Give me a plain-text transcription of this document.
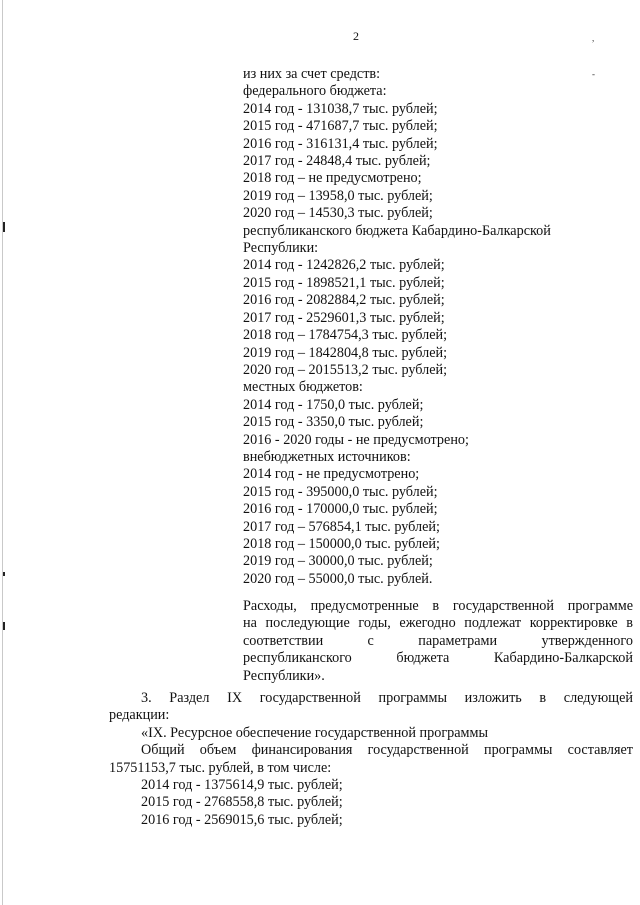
2	,
-
из них за счет средств:
федерального бюджета:
2014 год - 131038,7 тыс. рублей;
2015 год - 471687,7 тыс. рублей;
2016 год - 316131,4 тыс. рублей;
2017 год - 24848,4 тыс. рублей;
2018 год – не предусмотрено;
2019 год – 13958,0 тыс. рублей;
2020 год – 14530,3 тыс. рублей;
республиканского бюджета Кабардино-Балкарской
Республики:
2014 год - 1242826,2 тыс. рублей;
2015 год - 1898521,1 тыс. рублей;
2016 год - 2082884,2 тыс. рублей;
2017 год - 2529601,3 тыс. рублей;
2018 год – 1784754,3 тыс. рублей;
2019 год – 1842804,8 тыс. рублей;
2020 год – 2015513,2 тыс. рублей;
местных бюджетов:
2014 год - 1750,0 тыс. рублей;
2015 год - 3350,0 тыс. рублей;
2016 - 2020 годы - не предусмотрено;
внебюджетных источников:
2014 год - не предусмотрено;
2015 год - 395000,0 тыс. рублей;
2016 год - 170000,0 тыс. рублей;
2017 год – 576854,1 тыс. рублей;
2018 год – 150000,0 тыс. рублей;
2019 год – 30000,0 тыс. рублей;
2020 год – 55000,0 тыс. рублей.
Расходы, предусмотренные в государственной программе
на последующие годы, ежегодно подлежат корректировке в
соответствии	с	параметрами	утвержденного
республиканского	бюджета	Кабардино-Балкарской
Республики».
3. Раздел IX государственной программы изложить в следующей
редакции:
«IX. Ресурсное обеспечение государственной программы
Общий объем финансирования государственной программы составляет
15751153,7 тыс. рублей, в том числе:
2014 год - 1375614,9 тыс. рублей;
2015 год - 2768558,8 тыс. рублей;
2016 год - 2569015,6 тыс. рублей;
